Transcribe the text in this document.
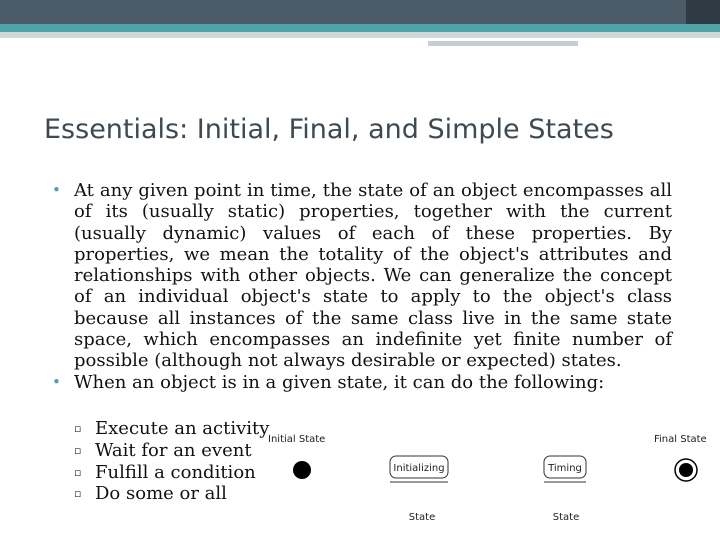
Essentials: Initial, Final, and Simple States
• At any given point in time, the state of an object encompasses all of its (usually static) properties, together with the current (usually dynamic) values of each of these properties. By properties, we mean the totality of the object's attributes and relationships with other objects. We can generalize the concept of an individual object's state to apply to the object's class because all instances of the same class live in the same state space, which encompasses an indefinite yet finite number of possible (although not always desirable or expected) states.
• When an object is in a given state, it can do the following:
▫ Execute an activity
▫ Wait for an event
▫ Fulfill a condition
▫ Do some or all
Initial State
Initializing
State
Timing
State
Final State
